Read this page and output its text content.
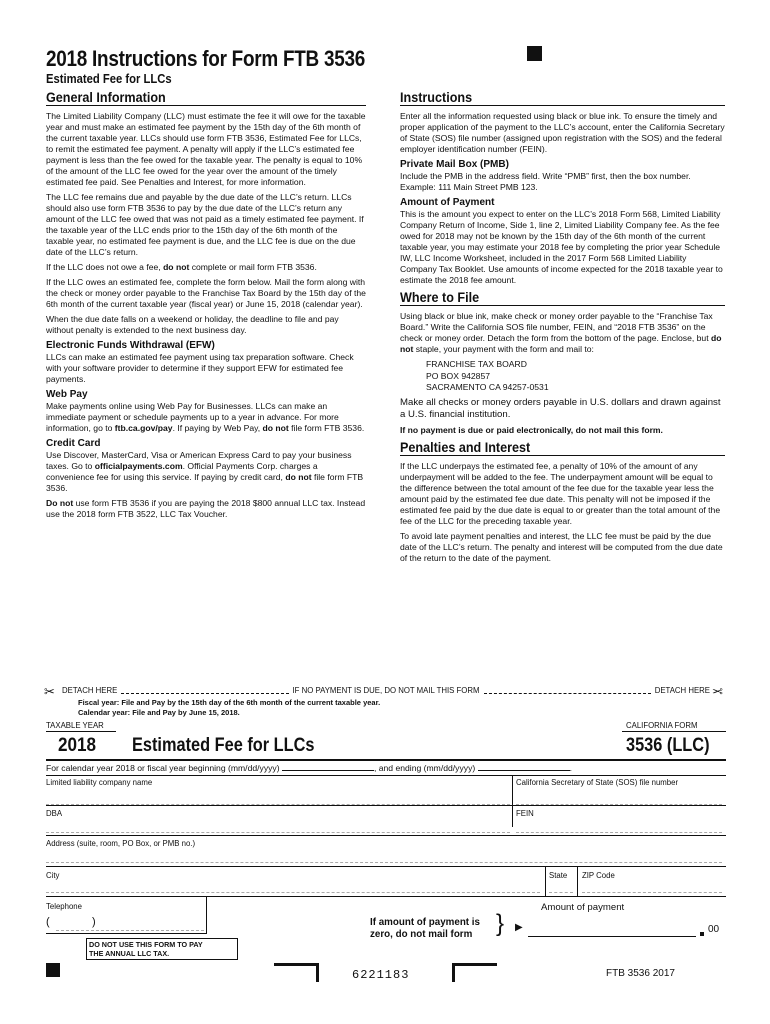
2018 Instructions for Form FTB 3536
Estimated Fee for LLCs
General Information

The Limited Liability Company (LLC) must estimate the fee it will owe for the taxable year and must make an estimated fee payment by the 15th day of the 6th month of the current taxable year. LLCs should use form FTB 3536, Estimated Fee for LLCs, to remit the estimated fee payment. A penalty will apply if the LLC’s estimated fee payment is less than the fee owed for the taxable year. The penalty is equal to 10% of the amount of the LLC fee owed for the year over the amount of the timely estimated fee paid. See Penalties and Interest, for more information.

The LLC fee remains due and payable by the due date of the LLC’s return. LLCs should also use form FTB 3536 to pay by the due date of the LLC’s return any amount of the LLC fee owed that was not paid as a timely estimated fee payment. If the taxable year of the LLC ends prior to the 15th day of the 6th month of the taxable year, no estimated fee payment is due, and the LLC fee is due on the due date of the LLC’s return.

If the LLC does not owe a fee, do not complete or mail form FTB 3536.

If the LLC owes an estimated fee, complete the form below. Mail the form along with the check or money order payable to the Franchise Tax Board by the 15th day of the 6th month of the current taxable year (fiscal year) or June 15, 2018 (calendar year).

When the due date falls on a weekend or holiday, the deadline to file and pay without penalty is extended to the next business day.

Electronic Funds Withdrawal (EFW)

LLCs can make an estimated fee payment using tax preparation software. Check with your software provider to determine if they support EFW for estimated fee payments.

Web Pay

Make payments online using Web Pay for Businesses. LLCs can make an immediate payment or schedule payments up to a year in advance. For more information, go to ftb.ca.gov/pay. If paying by Web Pay, do not file form FTB 3536.

Credit Card

Use Discover, MasterCard, Visa or American Express Card to pay your business taxes. Go to officialpayments.com. Official Payments Corp. charges a convenience fee for using this service. If paying by credit card, do not file form FTB 3536.

Do not use form FTB 3536 if you are paying the 2018 $800 annual LLC tax. Instead use the 2018 form FTB 3522, LLC Tax Voucher.

Instructions

Enter all the information requested using black or blue ink. To ensure the timely and proper application of the payment to the LLC’s account, enter the California Secretary of State (SOS) file number (assigned upon registration with the SOS) and the federal employer identification number (FEIN).

Private Mail Box (PMB)

Include the PMB in the address field. Write “PMB” first, then the box number. Example: 111 Main Street PMB 123.

Amount of Payment

This is the amount you expect to enter on the LLC’s 2018 Form 568, Limited Liability Company Return of Income, Side 1, line 2, Limited Liability Company fee. As the fee owed for 2018 may not be known by the 15th day of the 6th month of the current taxable year, you may estimate your 2018 fee by completing the prior year Schedule IW, LLC Income Worksheet, included in the 2017 Form 568 Limited Liability Company Tax Booklet. Use amounts of income expected for the 2018 taxable year to estimate the 2018 fee amount.

Where to File

Using black or blue ink, make check or money order payable to the “Franchise Tax Board.” Write the California SOS file number, FEIN, and “2018 FTB 3536” on the check or money order. Detach the form from the bottom of the page. Enclose, but do not staple, your payment with the form and mail to:

FRANCHISE TAX BOARD
PO BOX 942857
SACRAMENTO CA 94257-0531

Make all checks or money orders payable in U.S. dollars and drawn against a U.S. financial institution.

If no payment is due or paid electronically, do not mail this form.

Penalties and Interest

If the LLC underpays the estimated fee, a penalty of 10% of the amount of any underpayment will be added to the fee. The underpayment amount will be equal to the difference between the total amount of the fee due for the taxable year less the amount paid by the estimated fee due date. This penalty will not be imposed if the estimated fee paid by the due date is equal to or greater than the total amount of the fee of the LLC for the preceding taxable year.

To avoid late payment penalties and interest, the LLC fee must be paid by the due date of the LLC’s return. The penalty and interest will be computed from the due date of the return to the date of the payment.

✂ DETACH HERE	IF NO PAYMENT IS DUE, DO NOT MAIL THIS FORM	DETACH HERE ✂
Fiscal year: File and Pay by the 15th day of the 6th month of the current taxable year.
Calendar year: File and Pay by June 15, 2018.
TAXABLE YEAR	CALIFORNIA FORM
2018 Estimated Fee for LLCs	3536 (LLC)
For calendar year 2018 or fiscal year beginning (mm/dd/yyyy)	, and ending (mm/dd/yyyy)	.
Limited liability company name	California Secretary of State (SOS) file number
DBA	FEIN
Address (suite, room, PO Box, or PMB no.)
City	State ZIP Code
Telephone
(	)
Amount of payment
If amount of payment is
zero, do not mail form } ▶	00
DO NOT USE THIS FORM TO PAY
THE ANNUAL LLC TAX.
6221183	FTB 3536 2017
